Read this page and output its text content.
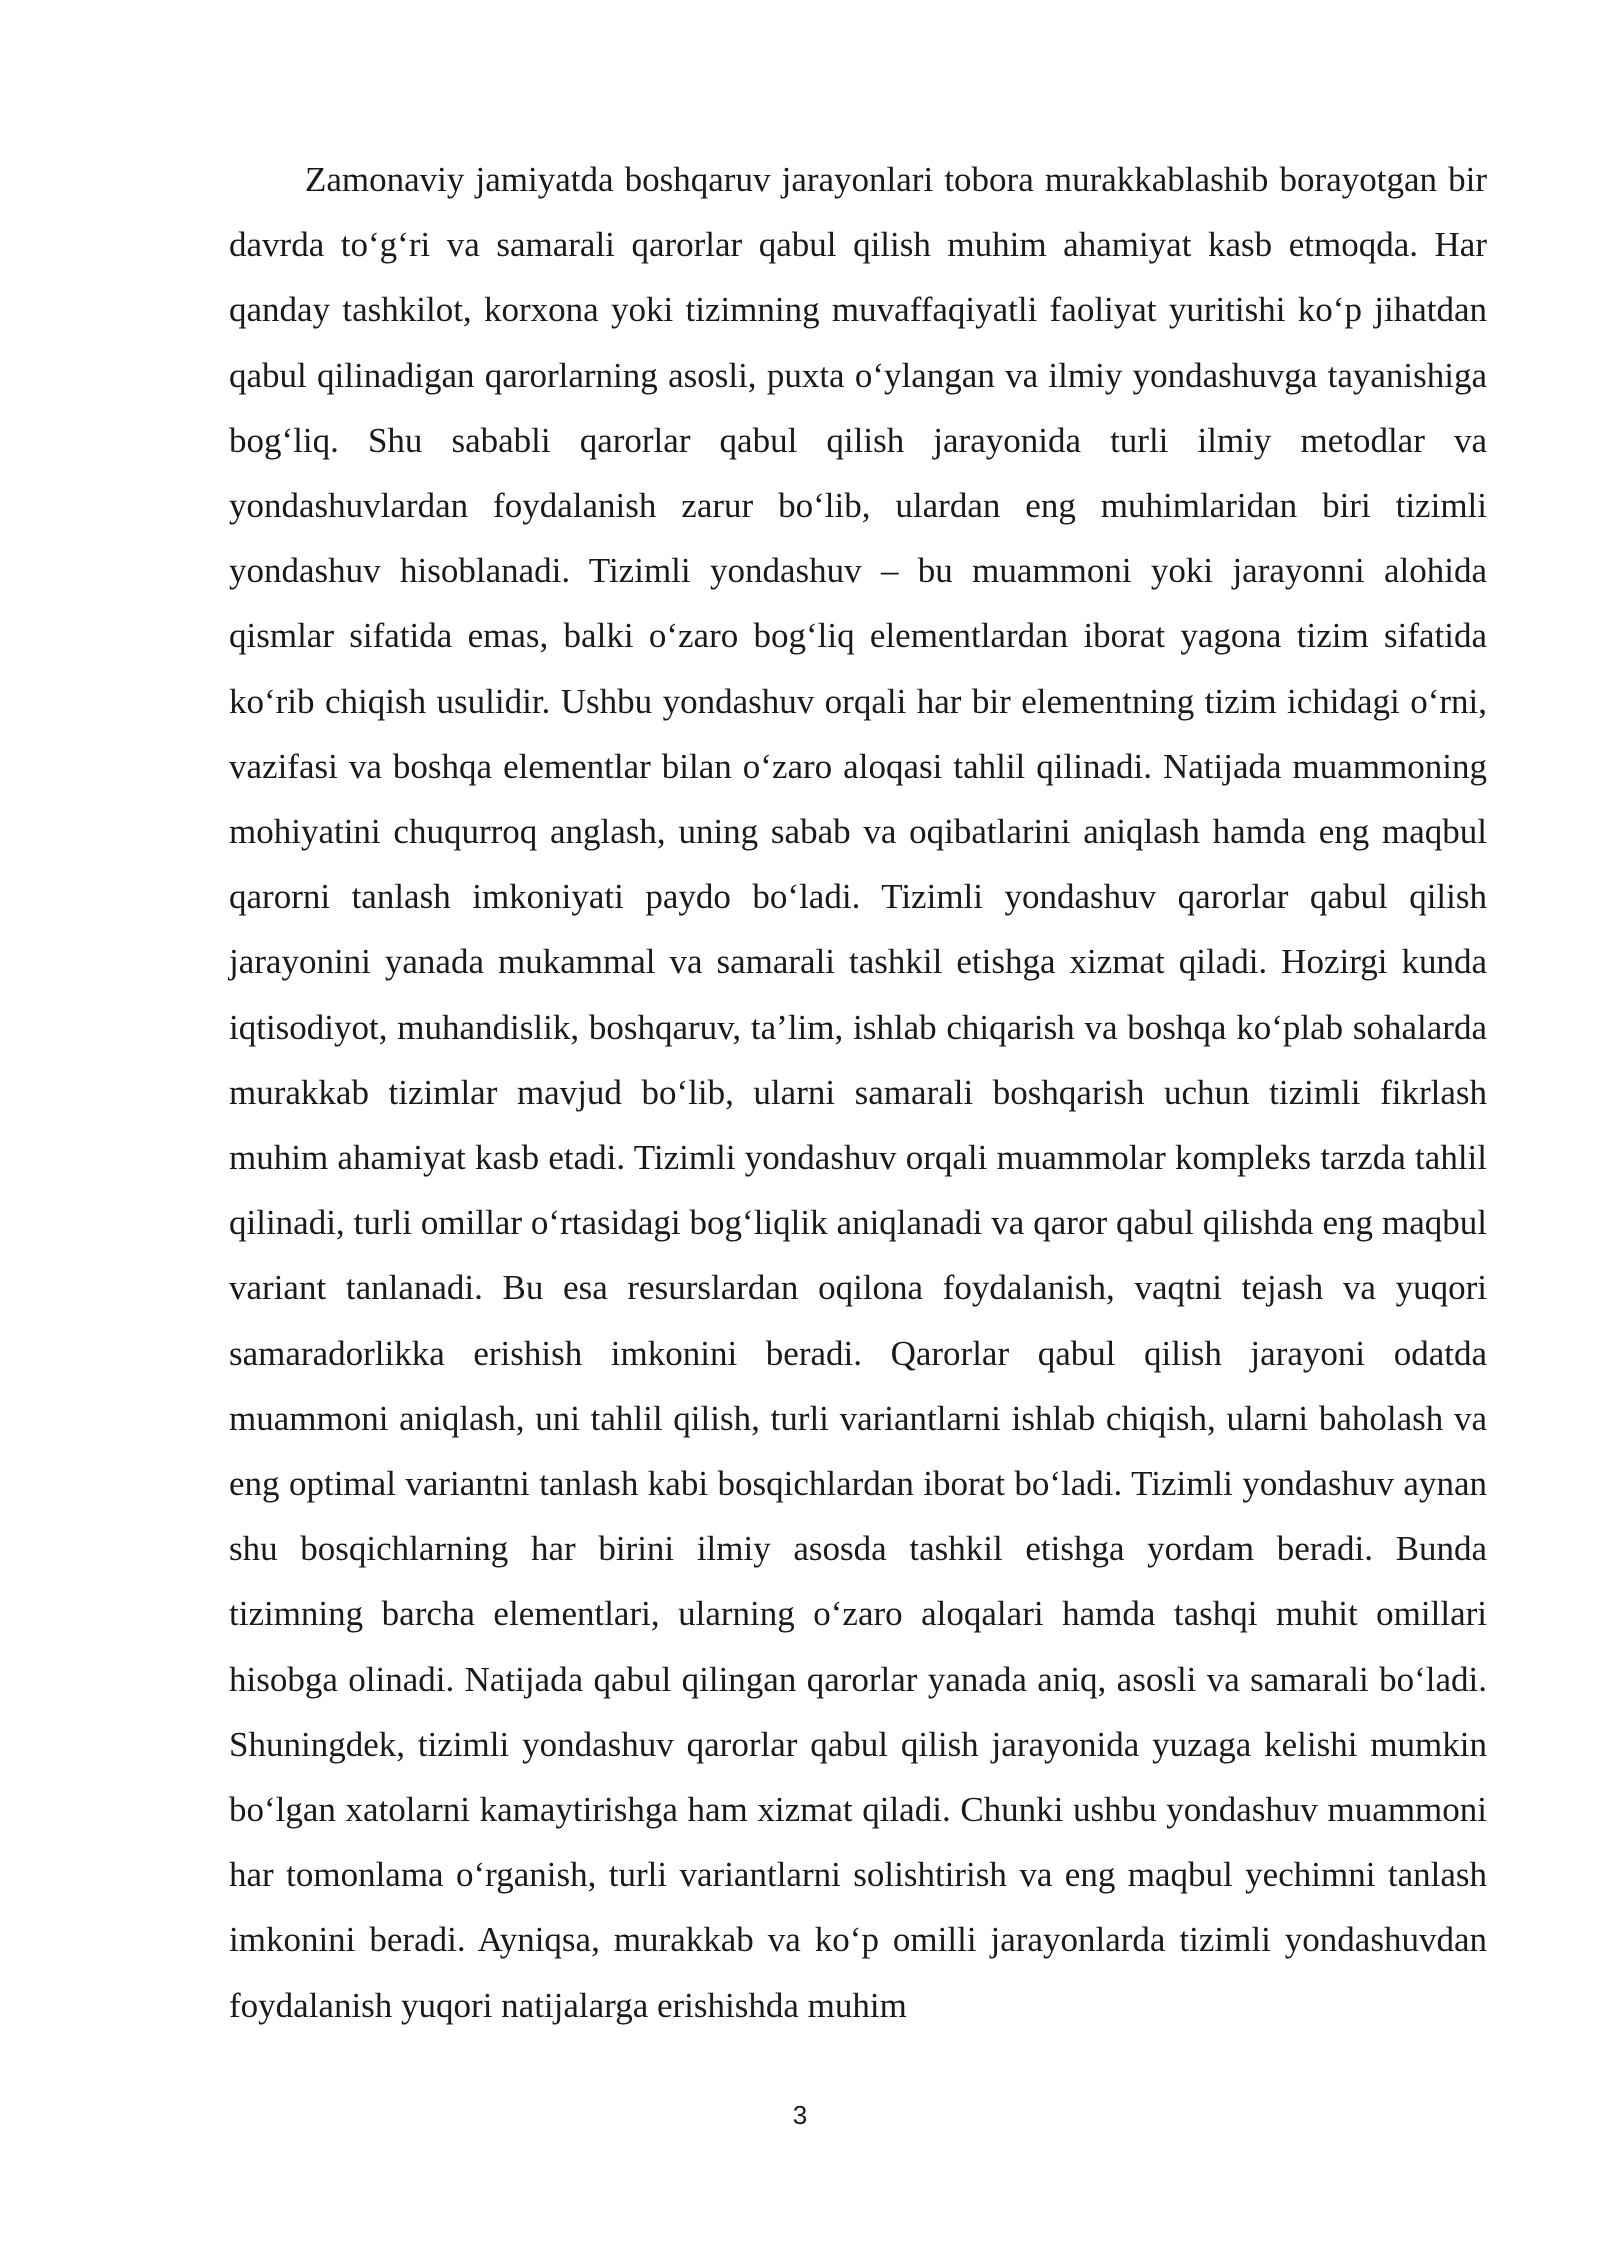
Zamonaviy jamiyatda boshqaruv jarayonlari tobora murakkablashib borayotgan bir davrda to‘g‘ri va samarali qarorlar qabul qilish muhim ahamiyat kasb etmoqda. Har qanday tashkilot, korxona yoki tizimning muvaffaqiyatli faoliyat yuritishi ko‘p jihatdan qabul qilinadigan qarorlarning asosli, puxta o‘ylangan va ilmiy yondashuvga tayanishiga bog‘liq. Shu sababli qarorlar qabul qilish jarayonida turli ilmiy metodlar va yondashuvlardan foydalanish zarur bo‘lib, ulardan eng muhimlaridan biri tizimli yondashuv hisoblanadi. Tizimli yondashuv – bu muammoni yoki jarayonni alohida qismlar sifatida emas, balki o‘zaro bog‘liq elementlardan iborat yagona tizim sifatida ko‘rib chiqish usulidir. Ushbu yondashuv orqali har bir elementning tizim ichidagi o‘rni, vazifasi va boshqa elementlar bilan o‘zaro aloqasi tahlil qilinadi. Natijada muammoning mohiyatini chuqurroq anglash, uning sabab va oqibatlarini aniqlash hamda eng maqbul qarorni tanlash imkoniyati paydo bo‘ladi. Tizimli yondashuv qarorlar qabul qilish jarayonini yanada mukammal va samarali tashkil etishga xizmat qiladi. Hozirgi kunda iqtisodiyot, muhandislik, boshqaruv, ta’lim, ishlab chiqarish va boshqa ko‘plab sohalarda murakkab tizimlar mavjud bo‘lib, ularni samarali boshqarish uchun tizimli fikrlash muhim ahamiyat kasb etadi. Tizimli yondashuv orqali muammolar kompleks tarzda tahlil qilinadi, turli omillar o‘rtasidagi bog‘liqlik aniqlanadi va qaror qabul qilishda eng maqbul variant tanlanadi. Bu esa resurslardan oqilona foydalanish, vaqtni tejash va yuqori samaradorlikka erishish imkonini beradi. Qarorlar qabul qilish jarayoni odatda muammoni aniqlash, uni tahlil qilish, turli variantlarni ishlab chiqish, ularni baholash va eng optimal variantni tanlash kabi bosqichlardan iborat bo‘ladi. Tizimli yondashuv aynan shu bosqichlarning har birini ilmiy asosda tashkil etishga yordam beradi. Bunda tizimning barcha elementlari, ularning o‘zaro aloqalari hamda tashqi muhit omillari hisobga olinadi. Natijada qabul qilingan qarorlar yanada aniq, asosli va samarali bo‘ladi. Shuningdek, tizimli yondashuv qarorlar qabul qilish jarayonida yuzaga kelishi mumkin bo‘lgan xatolarni kamaytirishga ham xizmat qiladi. Chunki ushbu yondashuv muammoni har tomonlama o‘rganish, turli variantlarni solishtirish va eng maqbul yechimni tanlash imkonini beradi. Ayniqsa, murakkab va ko‘p omilli jarayonlarda tizimli yondashuvdan foydalanish yuqori natijalarga erishishda muhim

3
